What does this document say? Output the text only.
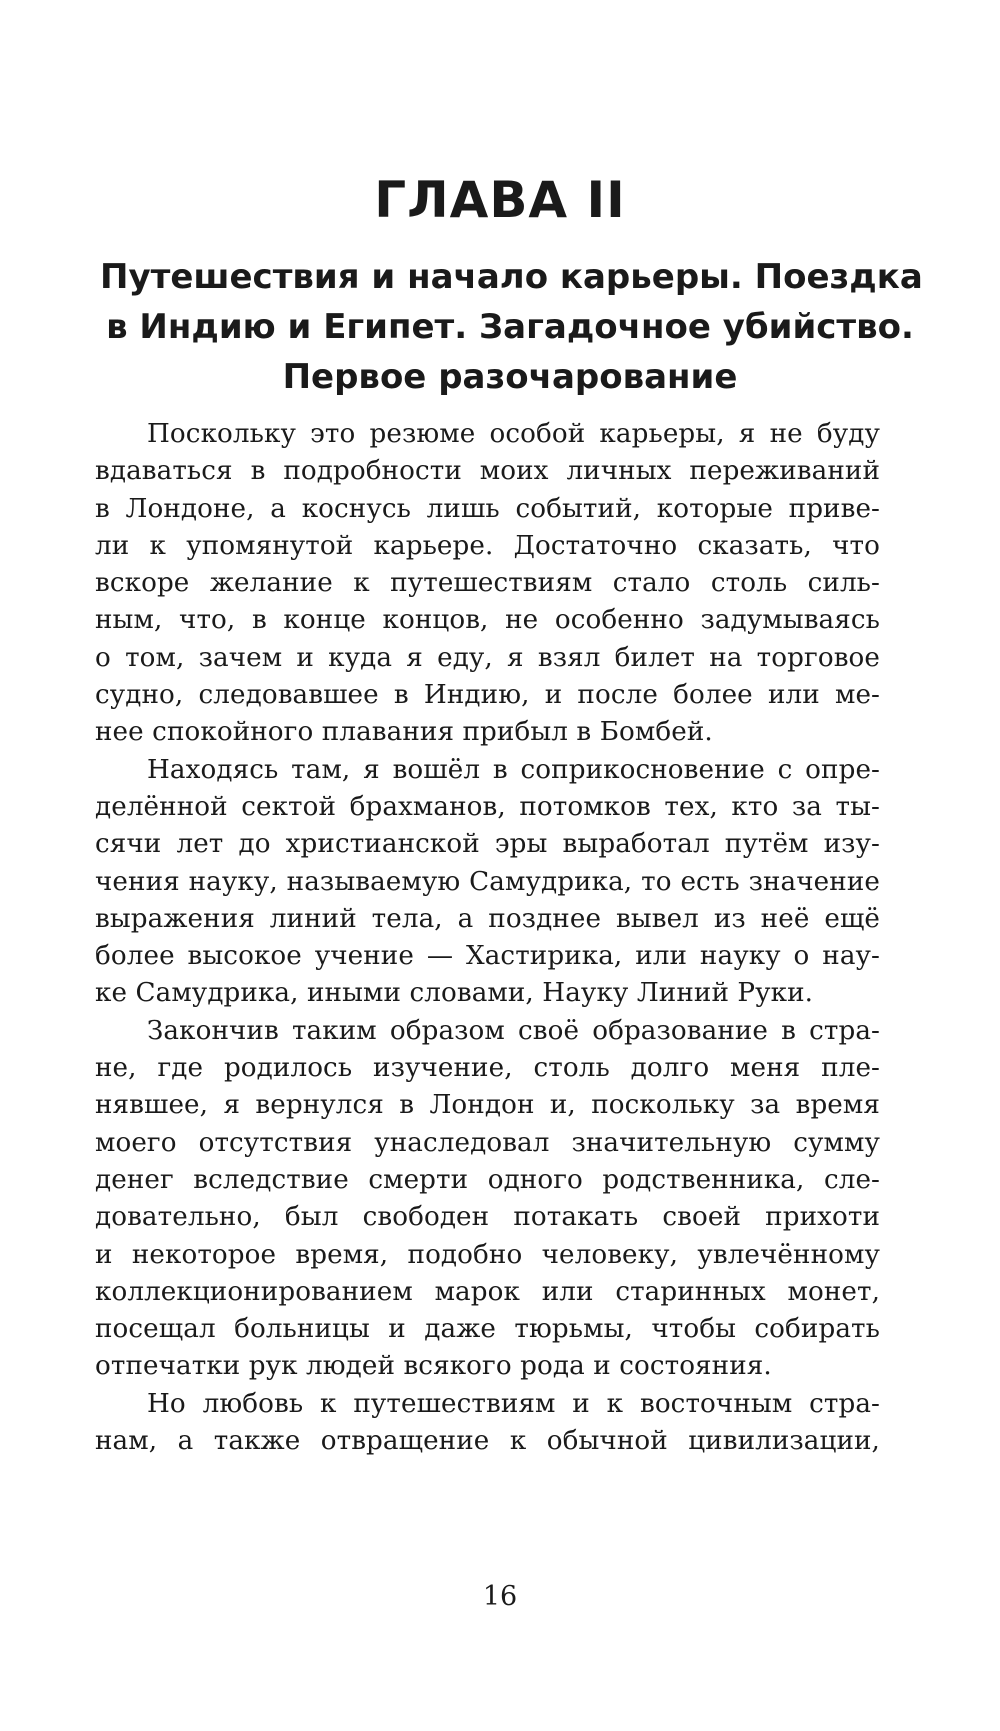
ГЛАВА II
Путешествия и начало карьеры. Поездка
в Индию и Египет. Загадочное убийство.
Первое разочарование
Поскольку это резюме особой карьеры, я не буду
вдаваться в подробности моих личных переживаний
в Лондоне, а коснусь лишь событий, которые приве-
ли к упомянутой карьере. Достаточно сказать, что
вскоре желание к путешествиям стало столь силь-
ным, что, в конце концов, не особенно задумываясь
о том, зачем и куда я еду, я взял билет на торговое
судно, следовавшее в Индию, и после более или ме-
нее спокойного плавания прибыл в Бомбей.
Находясь там, я вошёл в соприкосновение с опре-
делённой сектой брахманов, потомков тех, кто за ты-
сячи лет до христианской эры выработал путём изу-
чения науку, называемую Самудрика, то есть значение
выражения линий тела, а позднее вывел из неё ещё
более высокое учение — Хастирика, или науку о нау-
ке Самудрика, иными словами, Науку Линий Руки.
Закончив таким образом своё образование в стра-
не, где родилось изучение, столь долго меня пле-
нявшее, я вернулся в Лондон и, поскольку за время
моего отсутствия унаследовал значительную сумму
денег вследствие смерти одного родственника, сле-
довательно, был свободен потакать своей прихоти
и некоторое время, подобно человеку, увлечённому
коллекционированием марок или старинных монет,
посещал больницы и даже тюрьмы, чтобы собирать
отпечатки рук людей всякого рода и состояния.
Но любовь к путешествиям и к восточным стра-
нам, а также отвращение к обычной цивилизации,
16
